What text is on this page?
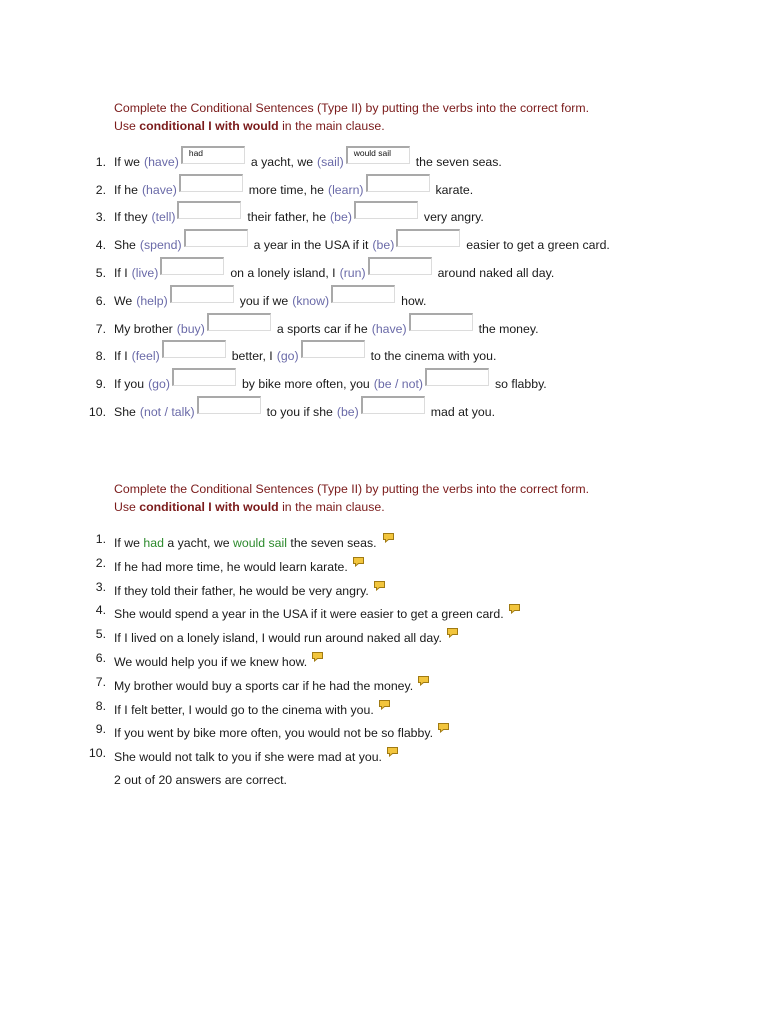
Complete the Conditional Sentences (Type II) by putting the verbs into the correct form.
Use conditional I with would in the main clause.
1. If we (have)
had
a yacht, we (sail)
would sail
the seven seas.
2. If he (have)	more time, he (learn)	karate.
3. If they (tell)	their father, he (be)	very angry.
4. She (spend)	a year in the USA if it (be)	easier to get a green card.
5. If I (live)	on a lonely island, I (run)	around naked all day.
6. We (help)	you if we (know)	how.
7. My brother (buy)	a sports car if he (have)	the money.
8. If I (feel)	better, I (go)	to the cinema with you.
9. If you (go)	by bike more often, you (be / not)	so flabby.
10. She (not / talk)	to you if she (be)	mad at you.
Complete the Conditional Sentences (Type II) by putting the verbs into the correct form.
Use conditional I with would in the main clause.
1. If we had a yacht, we would sail the seven seas.
2. If he had more time, he would learn karate.
3. If they told their father, he would be very angry.
4. She would spend a year in the USA if it were easier to get a green card.
5. If I lived on a lonely island, I would run around naked all day.
6. We would help you if we knew how.
7. My brother would buy a sports car if he had the money.
8. If I felt better, I would go to the cinema with you.
9. If you went by bike more often, you would not be so flabby.
10. She would not talk to you if she were mad at you.
2 out of 20 answers are correct.
